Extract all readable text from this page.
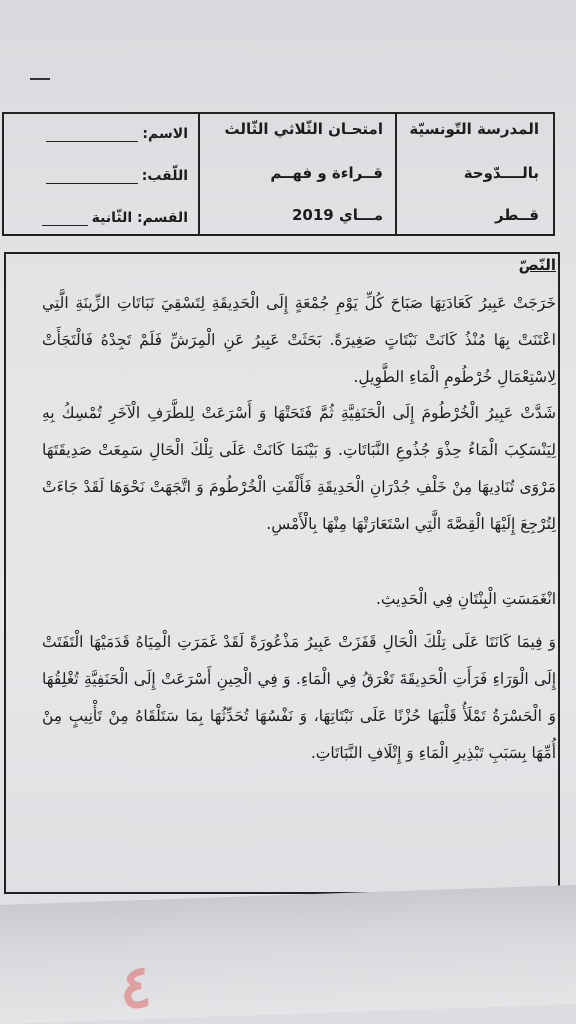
المدرسة التّونسيّة
بالــــدّوحة
قــطر
امتحـان الثّلاثي الثّالث
قــراءة و فهــم
مـــاي 2019
الاسم:
اللّقب:
القسم: الثّانية
النّصّ
خَرَجَتْ عَبِيرُ كَعَادَتِهَا صَبَاحَ كُلِّ يَوْمِ جُمْعَةٍ إِلَى الْحَدِيقَةِ لِتَسْقِيَ نَبَاتَاتِ الزِّينَةِ الَّتِي اعْتَنَتْ بِهَا مُنْذُ كَانَتْ نَبْتَاتٍ صَغِيرَةً. بَحَثَتْ عَبِيرُ عَنِ الْمِرَشِّ فَلَمْ تَجِدْهُ فَالْتَجَأَتْ لِاسْتِعْمَالِ خُرْطُومِ الْمَاءِ الطَّوِيلِ.
شَدَّتْ عَبِيرُ الْخُرْطُومَ إِلَى الْحَنَفِيَّةِ ثُمَّ فَتَحَتْهَا وَ أَسْرَعَتْ لِلطَّرَفِ الْآخَرِ تُمْسِكُ بِهِ لِيَنْسَكِبَ الْمَاءُ حِذْوَ جُذُوعِ النَّبَاتَاتِ. وَ بَيْنَمَا كَانَتْ عَلَى تِلْكَ الْحَالِ سَمِعَتْ صَدِيقَتَهَا مَرْوَى تُنَادِيهَا مِنْ خَلْفِ جُدْرَانِ الْحَدِيقَةِ فَأَلْقَتِ الْخُرْطُومَ وَ اتَّجَهَتْ نَحْوَهَا لَقَدْ جَاءَتْ لِتُرْجِعَ إِلَيْهَا الْقِصَّةَ الَّتِي اسْتَعَارَتْهَا مِنْهَا بِالْأَمْسِ.
انْغَمَسَتِ الْبِنْتَانِ فِي الْحَدِيثِ.
وَ فِيمَا كَانَتَا عَلَى تِلْكَ الْحَالِ قَفَزَتْ عَبِيرُ مَذْعُورَةً لَقَدْ غَمَرَتِ الْمِيَاهُ قَدَمَيْهَا الْتَفَتَتْ إِلَى الْوَرَاءِ فَرَأَتِ الْحَدِيقَةَ تَغْرَقُ فِي الْمَاءِ. وَ فِي الْحِينِ أَسْرَعَتْ إِلَى الْحَنَفِيَّةِ تُغْلِقُهَا وَ الْحَسْرَةُ تَمْلَأُ قَلْبَهَا حُزْنًا عَلَى نَبْتَاتِهَا، وَ نَفْسُهَا تُحَدِّثُهَا بِمَا سَتَلْقَاهُ مِنْ تَأْنِيبٍ مِنْ أُمِّهَا بِسَبَبِ تَبْذِيرِ الْمَاءِ وَ إِتْلَافِ النَّبَاتَاتِ.
٤
